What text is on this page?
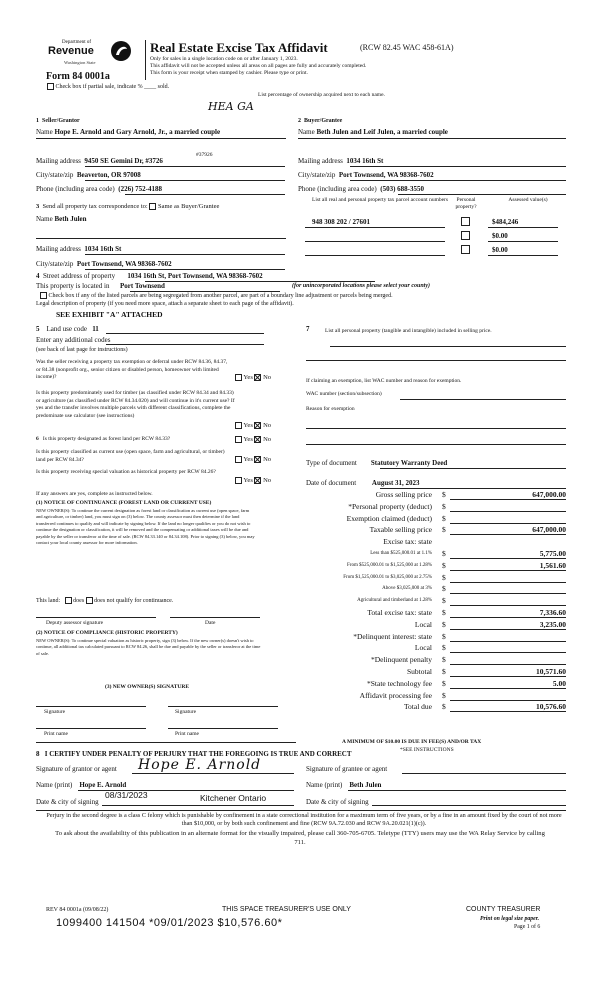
Department of
Revenue
Washington State
Form 84 0001a
Check box if partial sale, indicate % ____ sold.
Real Estate Excise Tax Affidavit	(RCW 82.45 WAC 458-61A)
Only for sales in a single location code on or after January 1, 2023.
This affidavit will not be accepted unless all areas on all pages are fully and accurately completed.
This form is your receipt when stamped by cashier. Please type or print.
List percentage of ownership acquired next to each name.
HEA GA
1 Seller/Grantor
Name Hope E. Arnold and Gary Arnold, Jr., a married couple
Mailing address 9450 SE Gemini Dr, #3726
#37926
City/state/zip Beaverton, OR 97008
Phone (including area code) (226) 752-4188
2 Buyer/Grantee
Name Beth Julen and Leif Julen, a married couple
Mailing address 1034 16th St
City/state/zip Port Townsend, WA 98368-7602
Phone (including area code) (503) 688-3550
3 Send all property tax correspondence to: Same as Buyer/Grantee
Name Beth Julen
Mailing address 1034 16th St
City/state/zip Port Townsend, WA 98368-7602
List all real and personal property tax parcel account numbers	Personal property?
Assessed value(s)
948 308 202 / 27601	$484,246
$0.00
$0.00
4 Street address of property 1034 16th St, Port Townsend, WA 98368-7602
This property is located in Port Townsend	(for unincorporated locations please select your county)
Check box if any of the listed parcels are being segregated from another parcel, are part of a boundary line adjustment or parcels being merged.
Legal description of property (if you need more space, attach a separate sheet to each page of the affidavit).
SEE EXHIBIT "A" ATTACHED
5 Land use code 11
Enter any additional codes
(see back of last page for instructions)
Was the seller receiving a property tax exemption or deferral under RCW 84.36, 84.37, or 84.38 (nonprofit org., senior citizen or disabled person, homeowner with limited income)?	Yes No
Is this property predominately used for timber (as classified under RCW 84.34 and 84.33) or agriculture (as classified under RCW 84.34.020) and will continue in it's current use? If yes and the transfer involves multiple parcels with different classifications, complete the predominate use calculator (see instructions)
Yes No
6 Is this property designated as forest land per RCW 84.33?	Yes No
Is this property classified as current use (open space, farm and agricultural, or timber) land per RCW 84.34?	Yes No
Is this property receiving special valuation as historical property per RCW 84.26?
Yes No
If any answers are yes, complete as instructed below.
(1) NOTICE OF CONTINUANCE (FOREST LAND OR CURRENT USE)
NEW OWNER(S): To continue the current designation as forest land or classification as current use (open space, farm and agriculture, or timber) land, you must sign on (3) below. The county assessor must then determine if the land transferred continues to qualify and will indicate by signing below. If the land no longer qualifies or you do not wish to continue the designation or classification, it will be removed and the compensating or additional taxes will be due and payable by the seller or transferor at the time of sale. (RCW 84.33.140 or 84.34.108). Prior to signing (3) below, you may contact your local county assessor for more information.
This land: does does not qualify for continuance.
Deputy assessor signature	Date
(2) NOTICE OF COMPLIANCE (HISTORIC PROPERTY)
NEW OWNER(S): To continue special valuation as historic property, sign (3) below. If the new owner(s) doesn't wish to continue, all additional tax calculated pursuant to RCW 84.26, shall be due and payable by the seller or transferor at the time of sale.
(3) NEW OWNER(S) SIGNATURE
Signature	Signature
Print name	Print name
7	List all personal property (tangible and intangible) included in selling price.
If claiming an exemption, list WAC number and reason for exemption.
WAC number (section/subsection)
Reason for exemption
Type of document Statutory Warranty Deed
Date of document August 31, 2023
Gross selling price $	647,000.00
*Personal property (deduct) $
Exemption claimed (deduct) $
Taxable selling price $	647,000.00
Excise tax: state
Less than $525,000.01 at 1.1% $	5,775.00
From $525,000.01 to $1,525,000 at 1.28% $	1,561.60
From $1,525,000.01 to $3,025,000 at 2.75% $
Above $3,025,000 at 3% $
Agricultural and timberland at 1.28% $
Total excise tax: state $	7,336.60
Local $	3,235.00
*Delinquent interest: state $
Local $
*Delinquent penalty $
Subtotal $	10,571.60
*State technology fee $	5.00
Affidavit processing fee $
Total due $	10,576.60
A MINIMUM OF $10.00 IS DUE IN FEE(S) AND/OR TAX
*SEE INSTRUCTIONS
8 I CERTIFY UNDER PENALTY OF PERJURY THAT THE FOREGOING IS TRUE AND CORRECT
Signature of grantor or agent Hope E. Arnold	Signature of grantee or agent
Name (print) Hope E. Arnold	Name (print) Beth Julen
Date & city of signing
08/31/2023	Kitchener Ontario	Date & city of signing
Perjury in the second degree is a class C felony which is punishable by confinement in a state correctional institution for a maximum term of five years, or by a fine in an amount fixed by the court of not more than $10,000, or by both such confinement and fine (RCW 9A.72.030 and RCW 9A.20.021(1)(c)).
To ask about the availability of this publication in an alternate format for the visually impaired, please call 360-705-6705. Teletype (TTY) users may use the WA Relay Service by calling 711.
REV 84 0001a (09/08/22)	THIS SPACE TREASURER'S USE ONLY	COUNTY TREASURER
Print on legal size paper.
Page 1 of 6
1099400 141504 *09/01/2023 $10,576.60*
